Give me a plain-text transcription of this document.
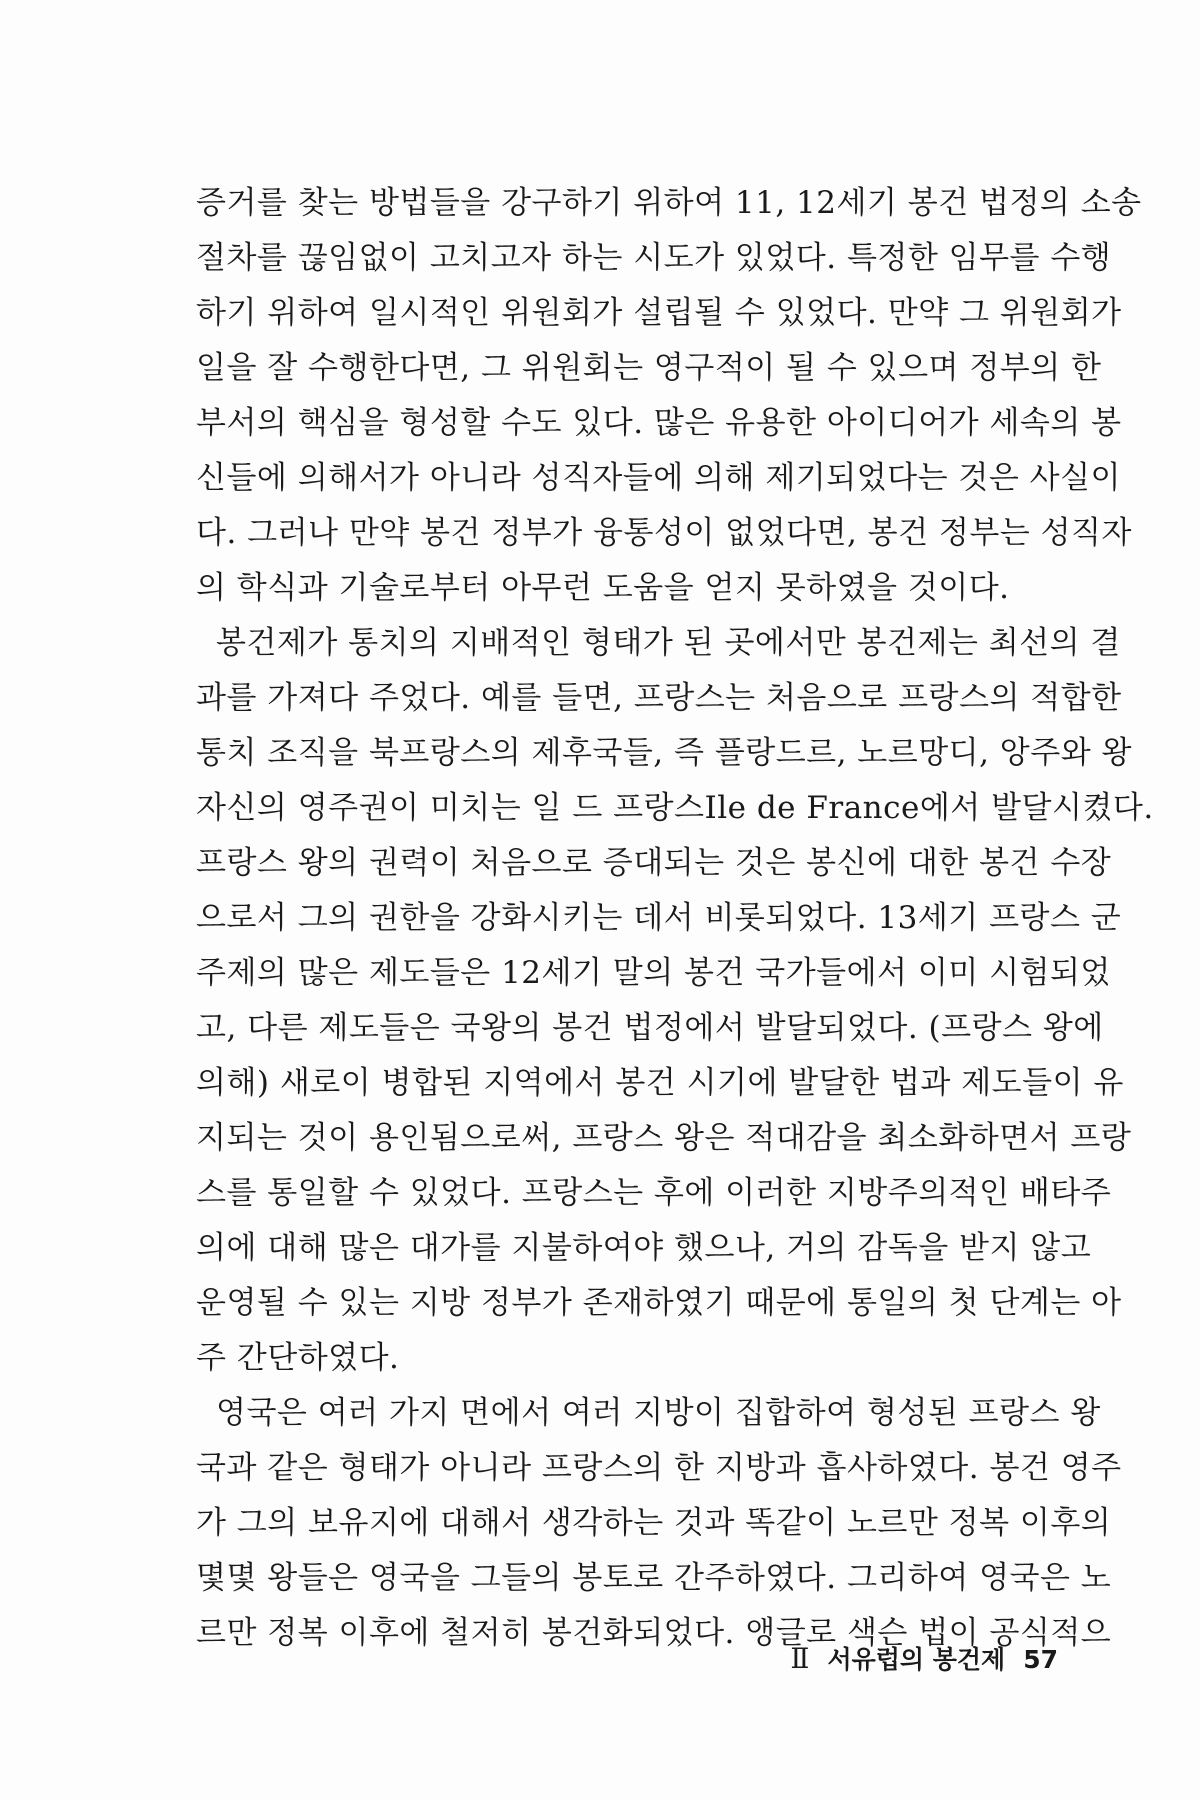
증거를 찾는 방법들을 강구하기 위하여 11, 12세기 봉건 법정의 소송
절차를 끊임없이 고치고자 하는 시도가 있었다. 특정한 임무를 수행
하기 위하여 일시적인 위원회가 설립될 수 있었다. 만약 그 위원회가
일을 잘 수행한다면, 그 위원회는 영구적이 될 수 있으며 정부의 한
부서의 핵심을 형성할 수도 있다. 많은 유용한 아이디어가 세속의 봉
신들에 의해서가 아니라 성직자들에 의해 제기되었다는 것은 사실이
다. 그러나 만약 봉건 정부가 융통성이 없었다면, 봉건 정부는 성직자
의 학식과 기술로부터 아무런 도움을 얻지 못하였을 것이다.

봉건제가 통치의 지배적인 형태가 된 곳에서만 봉건제는 최선의 결
과를 가져다 주었다. 예를 들면, 프랑스는 처음으로 프랑스의 적합한
통치 조직을 북프랑스의 제후국들, 즉 플랑드르, 노르망디, 앙주와 왕
자신의 영주권이 미치는 일 드 프랑스Ile de France에서 발달시켰다.
프랑스 왕의 권력이 처음으로 증대되는 것은 봉신에 대한 봉건 수장
으로서 그의 권한을 강화시키는 데서 비롯되었다. 13세기 프랑스 군
주제의 많은 제도들은 12세기 말의 봉건 국가들에서 이미 시험되었
고, 다른 제도들은 국왕의 봉건 법정에서 발달되었다. (프랑스 왕에
의해) 새로이 병합된 지역에서 봉건 시기에 발달한 법과 제도들이 유
지되는 것이 용인됨으로써, 프랑스 왕은 적대감을 최소화하면서 프랑
스를 통일할 수 있었다. 프랑스는 후에 이러한 지방주의적인 배타주
의에 대해 많은 대가를 지불하여야 했으나, 거의 감독을 받지 않고
운영될 수 있는 지방 정부가 존재하였기 때문에 통일의 첫 단계는 아
주 간단하였다.

영국은 여러 가지 면에서 여러 지방이 집합하여 형성된 프랑스 왕
국과 같은 형태가 아니라 프랑스의 한 지방과 흡사하였다. 봉건 영주
가 그의 보유지에 대해서 생각하는 것과 똑같이 노르만 정복 이후의
몇몇 왕들은 영국을 그들의 봉토로 간주하였다. 그리하여 영국은 노
르만 정복 이후에 철저히 봉건화되었다. 앵글로 색슨 법이 공식적으

Ⅱ 서유럽의 봉건제 57
